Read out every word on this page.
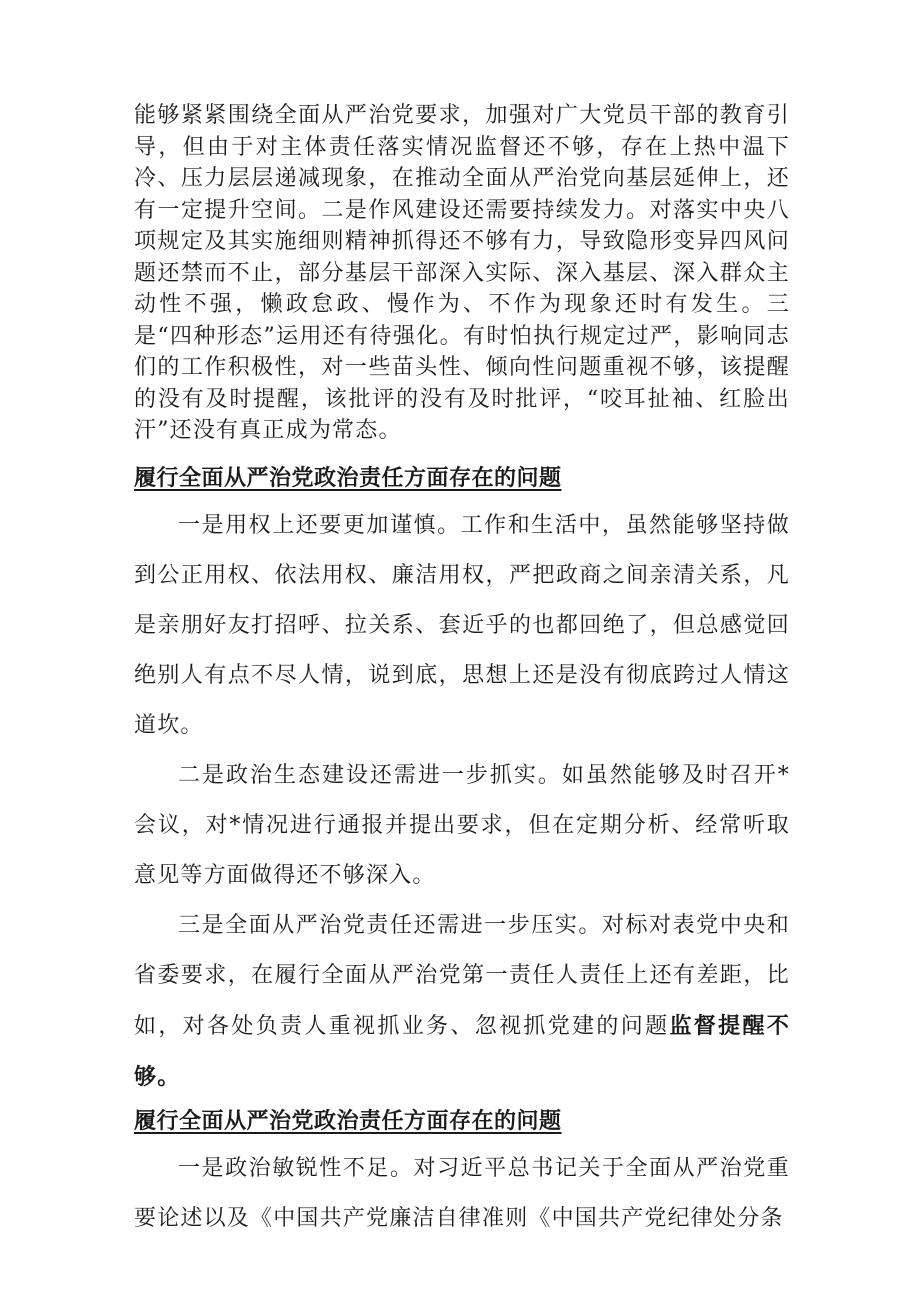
能够紧紧围绕全面从严治党要求，加强对广大党员干部的教育引导，但由于对主体责任落实情况监督还不够，存在上热中温下冷、压力层层递减现象，在推动全面从严治党向基层延伸上，还有一定提升空间。二是作风建设还需要持续发力。对落实中央八项规定及其实施细则精神抓得还不够有力，导致隐形变异四风问题还禁而不止，部分基层干部深入实际、深入基层、深入群众主动性不强，懒政怠政、慢作为、不作为现象还时有发生。三是“四种形态”运用还有待强化。有时怕执行规定过严，影响同志们的工作积极性，对一些苗头性、倾向性问题重视不够，该提醒的没有及时提醒，该批评的没有及时批评，“咬耳扯袖、红脸出汗”还没有真正成为常态。

履行全面从严治党政治责任方面存在的问题

一是用权上还要更加谨慎。工作和生活中，虽然能够坚持做到公正用权、依法用权、廉洁用权，严把政商之间亲清关系，凡是亲朋好友打招呼、拉关系、套近乎的也都回绝了，但总感觉回绝别人有点不尽人情，说到底，思想上还是没有彻底跨过人情这道坎。

二是政治生态建设还需进一步抓实。如虽然能够及时召开*会议，对*情况进行通报并提出要求，但在定期分析、经常听取意见等方面做得还不够深入。

三是全面从严治党责任还需进一步压实。对标对表党中央和省委要求，在履行全面从严治党第一责任人责任上还有差距，比如，对各处负责人重视抓业务、忽视抓党建的问题监督提醒不够。

履行全面从严治党政治责任方面存在的问题

一是政治敏锐性不足。对习近平总书记关于全面从严治党重要论述以及《中国共产党廉洁自律准则《中国共产党纪律处分条
